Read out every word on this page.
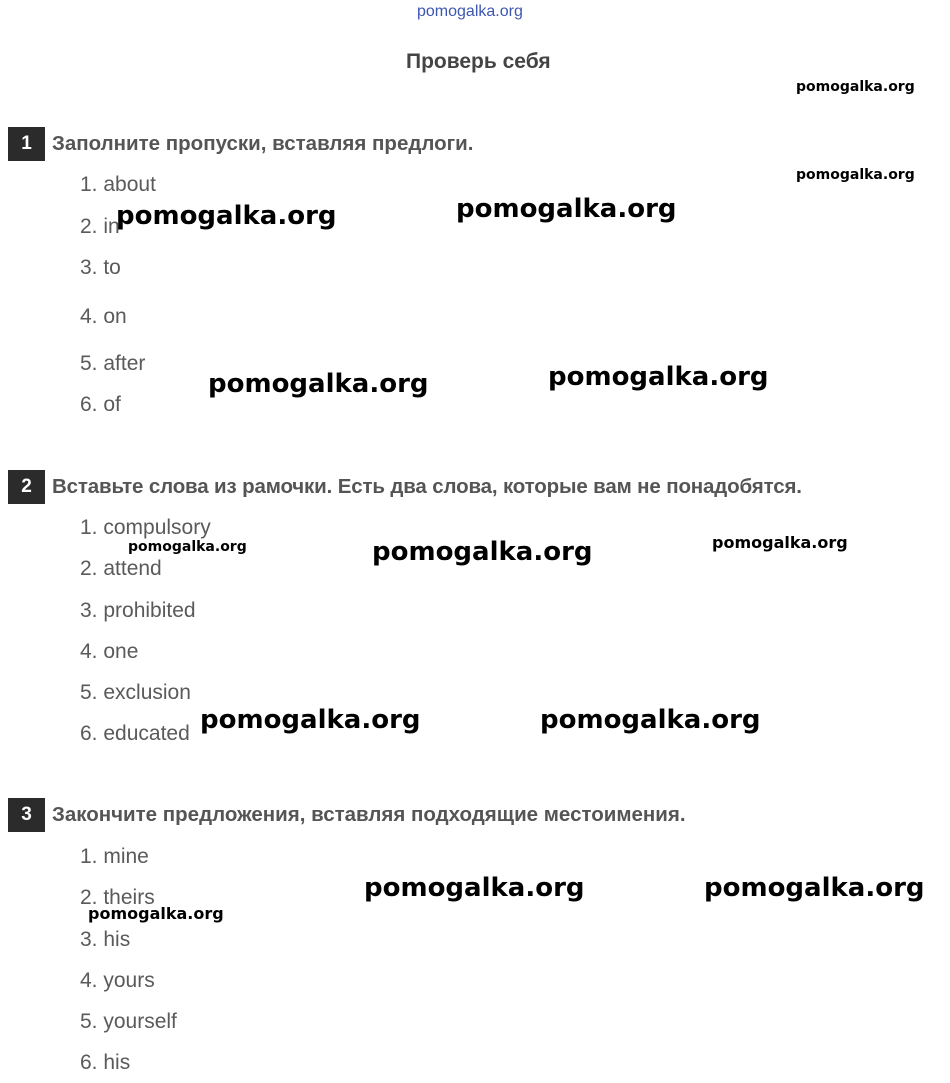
pomogalka.org
Проверь себя
1 Заполните пропуски, вставляя предлоги.
1. about
2. in
3. to
4. on
5. after
6. of
2 Вставьте слова из рамочки. Есть два слова, которые вам не понадобятся.
1. compulsory
2. attend
3. prohibited
4. one
5. exclusion
6. educated
3 Закончите предложения, вставляя подходящие местоимения.
1. mine
2. theirs
3. his
4. yours
5. yourself
6. his
pomogalka.org
pomogalka.org
pomogalka.org	pomogalka.org
pomogalka.org	pomogalka.org
pomogalka.org	pomogalka.org	pomogalka.org
pomogalka.org	pomogalka.org
pomogalka.org	pomogalka.org
pomogalka.org
